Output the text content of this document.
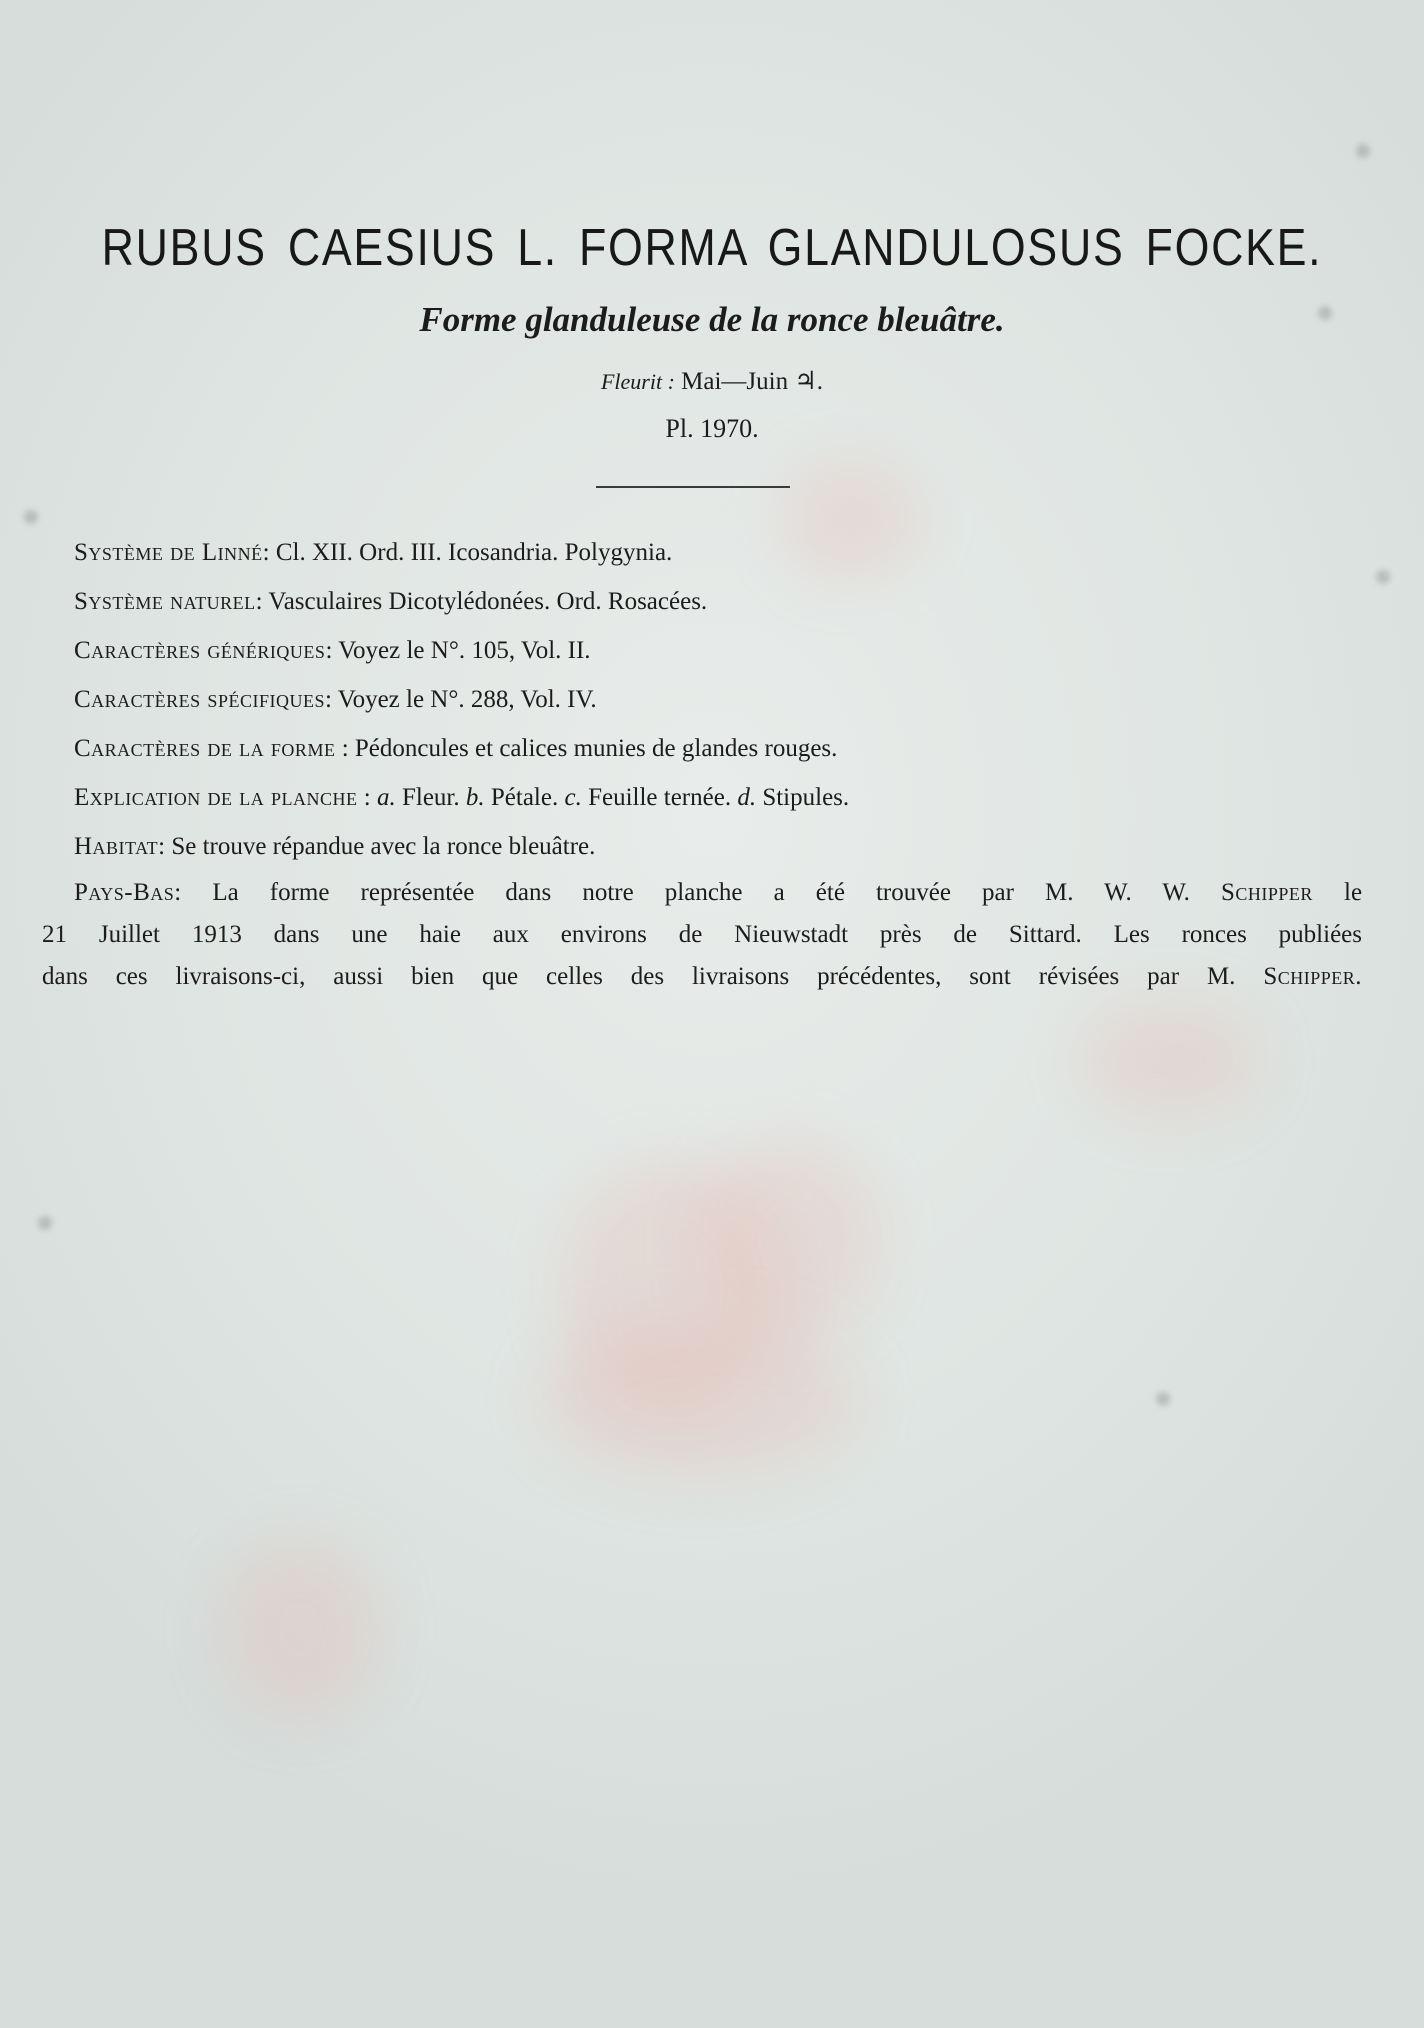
RUBUS CAESIUS L. FORMA GLANDULOSUS FOCKE.
Forme glanduleuse de la ronce bleuâtre.
Fleurit : Mai—Juin ♃.
Pl. 1970.

Système de Linné: Cl. XII. Ord. III. Icosandria. Polygynia.

Système naturel: Vasculaires Dicotylédonées. Ord. Rosacées.

Caractères génériques: Voyez le N°. 105, Vol. II.

Caractères spécifiques: Voyez le N°. 288, Vol. IV.

Caractères de la forme : Pédoncules et calices munies de glandes rouges.

Explication de la planche : a. Fleur. b. Pétale. c. Feuille ternée. d. Stipules.

Habitat: Se trouve répandue avec la ronce bleuâtre.

Pays-Bas: La forme représentée dans notre planche a été trouvée par M. W. W. Schipper le
21 Juillet 1913 dans une haie aux environs de Nieuwstadt près de Sittard. Les ronces publiées
dans ces livraisons-ci, aussi bien que celles des livraisons précédentes, sont révisées par M. Schipper.
